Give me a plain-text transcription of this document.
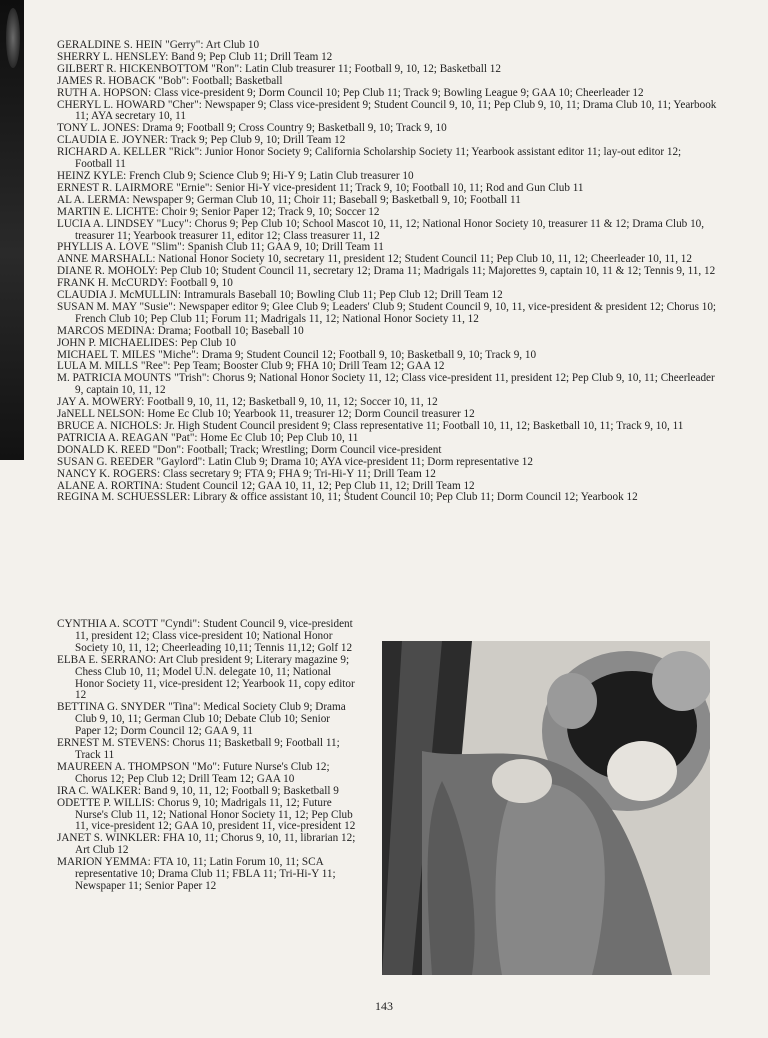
GERALDINE S. HEIN "Gerry": Art Club 10

SHERRY L. HENSLEY: Band 9; Pep Club 11; Drill Team 12

GILBERT R. HICKENBOTTOM "Ron": Latin Club treasurer 11; Football 9, 10, 12; Basketball 12

JAMES R. HOBACK "Bob": Football; Basketball

RUTH A. HOPSON: Class vice-president 9; Dorm Council 10; Pep Club 11; Track 9; Bowling League 9; GAA 10; Cheerleader 12

CHERYL L. HOWARD "Cher": Newspaper 9; Class vice-president 9; Student Council 9, 10, 11; Pep Club 9, 10, 11; Drama Club 10, 11; Yearbook 11; AYA secretary 10, 11

TONY L. JONES: Drama 9; Football 9; Cross Country 9; Basketball 9, 10; Track 9, 10

CLAUDIA E. JOYNER: Track 9; Pep Club 9, 10; Drill Team 12

RICHARD A. KELLER "Rick": Junior Honor Society 9; California Scholarship Society 11; Yearbook assistant editor 11; lay-out editor 12; Football 11

HEINZ KYLE: French Club 9; Science Club 9; Hi-Y 9; Latin Club treasurer 10

ERNEST R. LAIRMORE "Ernie": Senior Hi-Y vice-president 11; Track 9, 10; Football 10, 11; Rod and Gun Club 11

AL A. LERMA: Newspaper 9; German Club 10, 11; Choir 11; Baseball 9; Basketball 9, 10; Football 11

MARTIN E. LICHTE: Choir 9; Senior Paper 12; Track 9, 10; Soccer 12

LUCIA A. LINDSEY "Lucy": Chorus 9; Pep Club 10; School Mascot 10, 11, 12; National Honor Society 10, treasurer 11 & 12; Drama Club 10, treasurer 11; Yearbook treasurer 11, editor 12; Class treasurer 11, 12

PHYLLIS A. LOVE "Slim": Spanish Club 11; GAA 9, 10; Drill Team 11

ANNE MARSHALL: National Honor Society 10, secretary 11, president 12; Student Council 11; Pep Club 10, 11, 12; Cheerleader 10, 11, 12

DIANE R. MOHOLY: Pep Club 10; Student Council 11, secretary 12; Drama 11; Madrigals 11; Majorettes 9, captain 10, 11 & 12; Tennis 9, 11, 12

FRANK H. McCURDY: Football 9, 10

CLAUDIA J. McMULLIN: Intramurals Baseball 10; Bowling Club 11; Pep Club 12; Drill Team 12

SUSAN M. MAY "Susie": Newspaper editor 9; Glee Club 9; Leaders' Club 9; Student Council 9, 10, 11, vice-president & president 12; Chorus 10; French Club 10; Pep Club 11; Forum 11; Madrigals 11, 12; National Honor Society 11, 12

MARCOS MEDINA: Drama; Football 10; Baseball 10

JOHN P. MICHAELIDES: Pep Club 10

MICHAEL T. MILES "Miche": Drama 9; Student Council 12; Football 9, 10; Basketball 9, 10; Track 9, 10

LULA M. MILLS "Ree": Pep Team; Booster Club 9; FHA 10; Drill Team 12; GAA 12

M. PATRICIA MOUNTS "Trish": Chorus 9; National Honor Society 11, 12; Class vice-president 11, president 12; Pep Club 9, 10, 11; Cheerleader 9, captain 10, 11, 12

JAY A. MOWERY: Football 9, 10, 11, 12; Basketball 9, 10, 11, 12; Soccer 10, 11, 12

JaNELL NELSON: Home Ec Club 10; Yearbook 11, treasurer 12; Dorm Council treasurer 12

BRUCE A. NICHOLS: Jr. High Student Council president 9; Class representative 11; Football 10, 11, 12; Basketball 10, 11; Track 9, 10, 11

PATRICIA A. REAGAN "Pat": Home Ec Club 10; Pep Club 10, 11

DONALD K. REED "Don": Football; Track; Wrestling; Dorm Council vice-president

SUSAN G. REEDER "Gaylord": Latin Club 9; Drama 10; AYA vice-president 11; Dorm representative 12

NANCY K. ROGERS: Class secretary 9; FTA 9; FHA 9; Tri-Hi-Y 11; Drill Team 12

ALANE A. RORTINA: Student Council 12; GAA 10, 11, 12; Pep Club 11, 12; Drill Team 12

REGINA M. SCHUESSLER: Library & office assistant 10, 11; Student Council 10; Pep Club 11; Dorm Council 12; Yearbook 12

CYNTHIA A. SCOTT "Cyndi": Student Council 9, vice-president 11, president 12; Class vice-president 10; National Honor Society 10, 11, 12; Cheerleading 10,11; Tennis 11,12; Golf 12

ELBA E. SERRANO: Art Club president 9; Literary magazine 9; Chess Club 10, 11; Model U.N. delegate 10, 11; National Honor Society 11, vice-president 12; Yearbook 11, copy editor 12

BETTINA G. SNYDER "Tina": Medical Society Club 9; Drama Club 9, 10, 11; German Club 10; Debate Club 10; Senior Paper 12; Dorm Council 12; GAA 9, 11

ERNEST M. STEVENS: Chorus 11; Basketball 9; Football 11; Track 11

MAUREEN A. THOMPSON "Mo": Future Nurse's Club 12; Chorus 12; Pep Club 12; Drill Team 12; GAA 10

IRA C. WALKER: Band 9, 10, 11, 12; Football 9; Basketball 9

ODETTE P. WILLIS: Chorus 9, 10; Madrigals 11, 12; Future Nurse's Club 11, 12; National Honor Society 11, 12; Pep Club 11, vice-president 12; GAA 10, president 11, vice-president 12

JANET S. WINKLER: FHA 10, 11; Chorus 9, 10, 11, librarian 12; Art Club 12

MARION YEMMA: FTA 10, 11; Latin Forum 10, 11; SCA representative 10; Drama Club 11; FBLA 11; Tri-Hi-Y 11; Newspaper 11; Senior Paper 12

143
